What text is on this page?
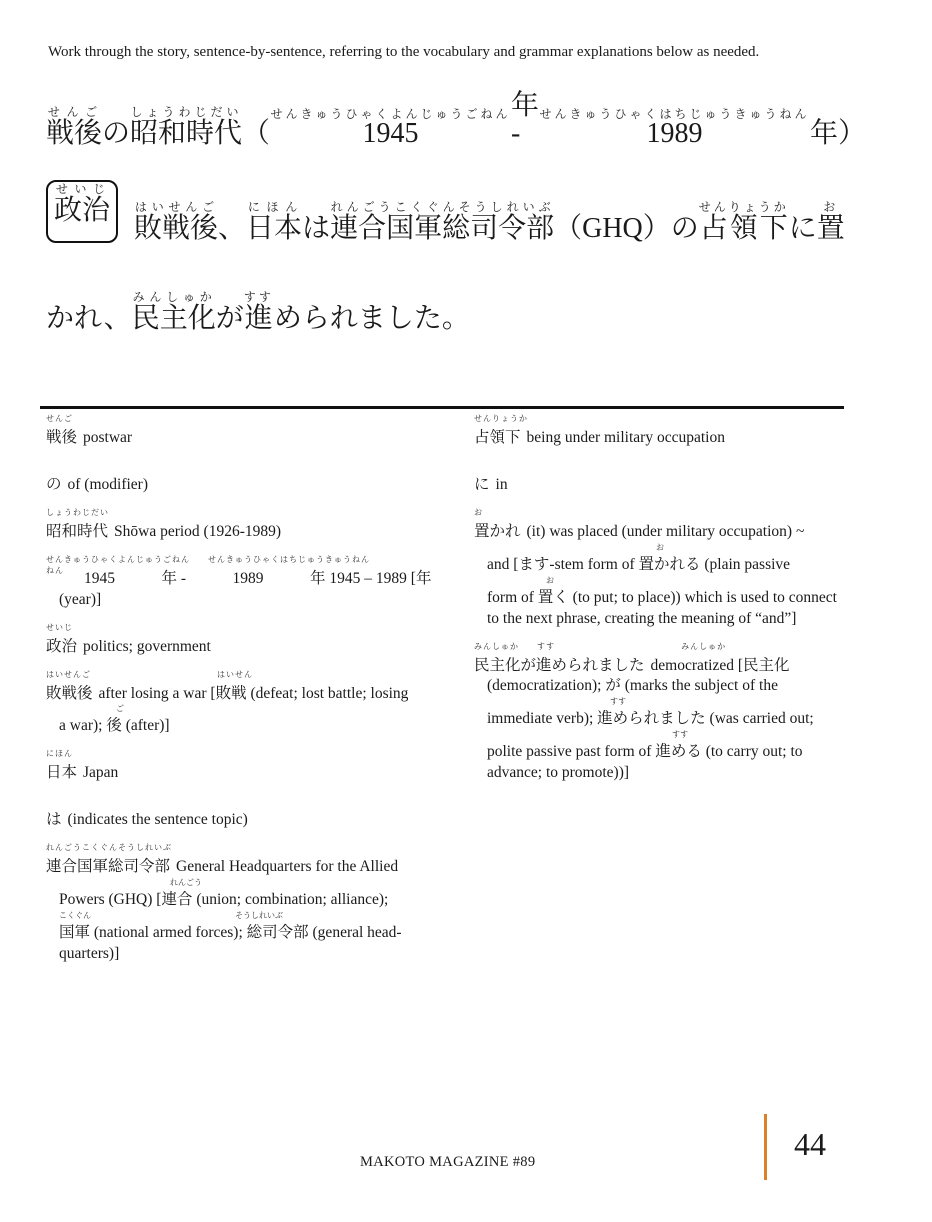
Work through the story, sentence-by-sentence, referring to the vocabulary and grammar explanations below as needed.
戦後せんご
の 昭和時代しょうわじだい
（ 1945せんきゅうひゃくよんじゅうごねん 年 - 1989せんきゅうひゃくはちじゅうきゅうねん
年）
政治せいじ
敗戦後はいせんご
、 日本にほん
は 連合国軍総司令部れんごうこくぐんそうしれいぶ
（GHQ）の 占領下せんりょうか
に 置お
かれ、 民主化みんしゅか
が 進すす
められました。
せんご
戦後 postwar
の of (modifier)
しょうわじだい
昭和時代 Shōwa period (1926-1989)
せんきゅうひゃくよんじゅうごねん　　せんきゅうひゃくはちじゅうきゅうねん　　　　　　　　　　　ねん	1945　　　年 -　　　1989　　　年 1945 – 1989 [年
(year)]
せいじ
政治 politics; government
はいせんご　　　　　　　　　　　　　　はいせん
敗戦後 after losing a war [敗戦 (defeat; lost battle; losing
ご
a war); 後 (after)]
にほん
日本 Japan
は (indicates the sentence topic)
れんごうこくぐんそうしれいぶ
連合国軍総司令部 General Headquarters for the Allied
れんごう
Powers (GHQ) [連合 (union; combination; alliance);
こくぐん　　　　　　　　　　　　　　　　　　そうしれいぶ
国軍 (national armed forces); 総司令部 (general head-quarters)]
せんりょうか
占領下 being under military occupation
に in
お
置かれ (it) was placed (under military occupation) ~
お
and [ます-stem form of 置かれる (plain passive
お
form of 置く (to put; to place)) which is used to connect to the next phrase, creating the meaning of “and”]
みんしゅか　　すす　　　　　　　　　　　　　　みんしゅか
民主化が進められました democratized [民主化
(democratization); が (marks the subject of the
すす
immediate verb); 進められました (was carried out;
すす
polite passive past form of 進める (to carry out; to advance; to promote))]
MAKOTO MAGAZINE #89	44
